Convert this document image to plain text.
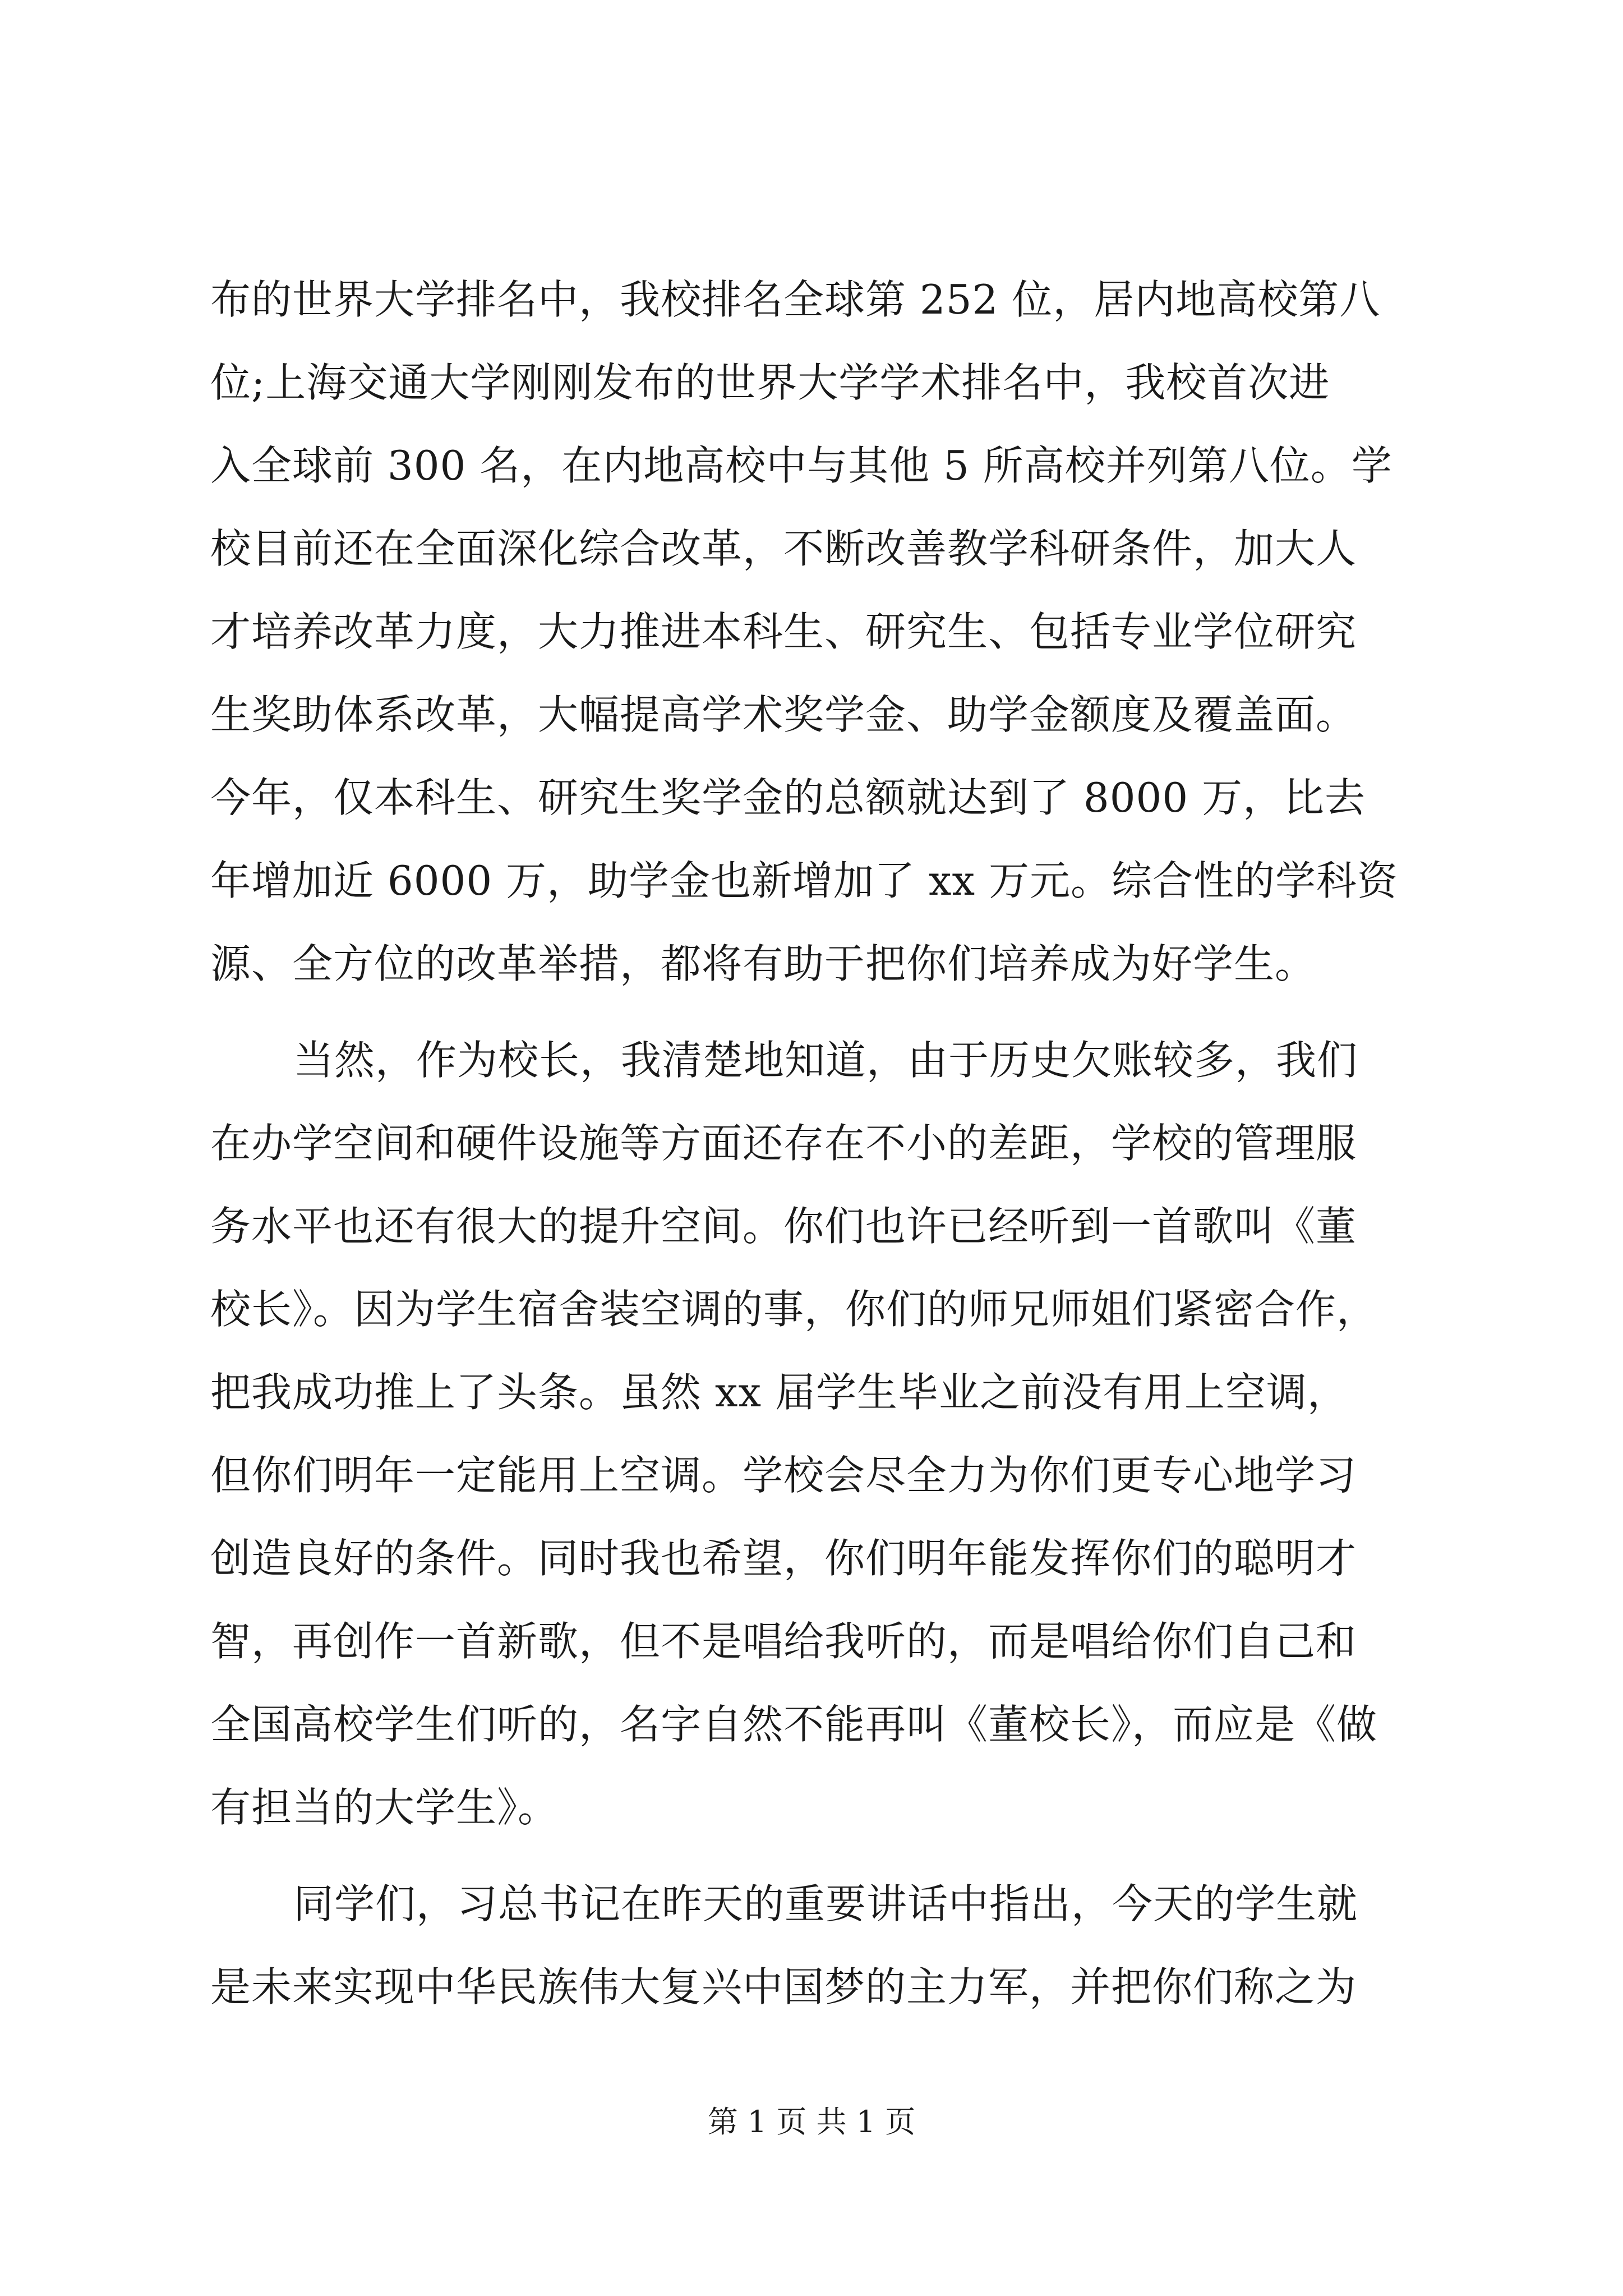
布的世界大学排名中，我校排名全球第 252 位，居内地高校第八
位;上海交通大学刚刚发布的世界大学学术排名中，我校首次进
入全球前 300 名，在内地高校中与其他 5 所高校并列第八位。学
校目前还在全面深化综合改革，不断改善教学科研条件，加大人
才培养改革力度，大力推进本科生、研究生、包括专业学位研究
生奖助体系改革，大幅提高学术奖学金、助学金额度及覆盖面。
今年，仅本科生、研究生奖学金的总额就达到了 8000 万，比去
年增加近 6000 万，助学金也新增加了 xx 万元。综合性的学科资
源、全方位的改革举措，都将有助于把你们培养成为好学生。
当然，作为校长，我清楚地知道，由于历史欠账较多，我们
在办学空间和硬件设施等方面还存在不小的差距，学校的管理服
务水平也还有很大的提升空间。你们也许已经听到一首歌叫《董
校长》。因为学生宿舍装空调的事，你们的师兄师姐们紧密合作，
把我成功推上了头条。虽然 xx 届学生毕业之前没有用上空调，
但你们明年一定能用上空调。学校会尽全力为你们更专心地学习
创造良好的条件。同时我也希望，你们明年能发挥你们的聪明才
智，再创作一首新歌，但不是唱给我听的，而是唱给你们自己和
全国高校学生们听的，名字自然不能再叫《董校长》，而应是《做
有担当的大学生》。
同学们，习总书记在昨天的重要讲话中指出，今天的学生就
是未来实现中华民族伟大复兴中国梦的主力军，并把你们称之为
第 1 页 共 1 页
